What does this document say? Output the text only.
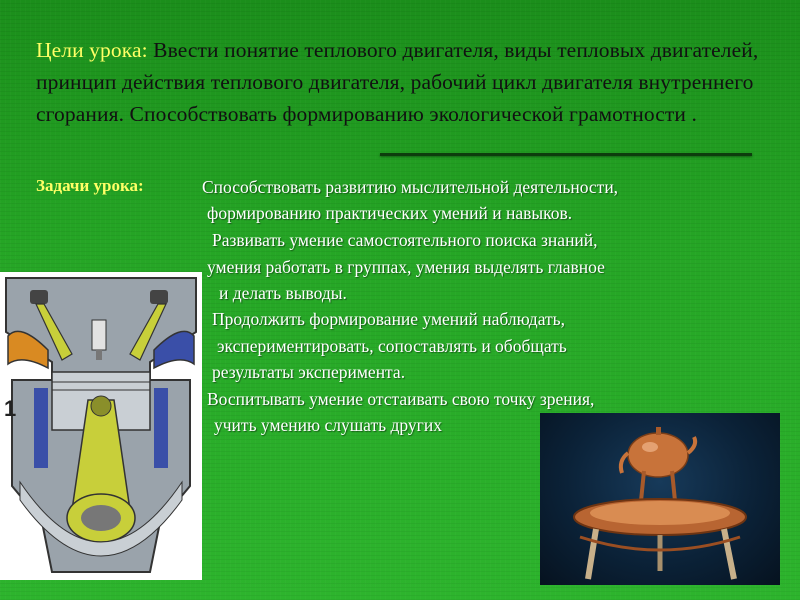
Цели урока: Ввести понятие теплового двигателя, виды тепловых двигателей, принцип действия теплового двигателя, рабочий цикл двигателя внутреннего сгорания. Способствовать формированию экологической грамотности .
Задачи урока:	Способствовать развитию мыслительной деятельности,
формированию практических умений и навыков.
Развивать умение самостоятельного поиска знаний,
умения работать в группах, умения выделять главное
и делать выводы.
Продолжить формирование умений наблюдать,
экспериментировать, сопоставлять и обобщать
результаты эксперимента.
Воспитывать умение отстаивать свою точку зрения,
учить умению слушать других
1
